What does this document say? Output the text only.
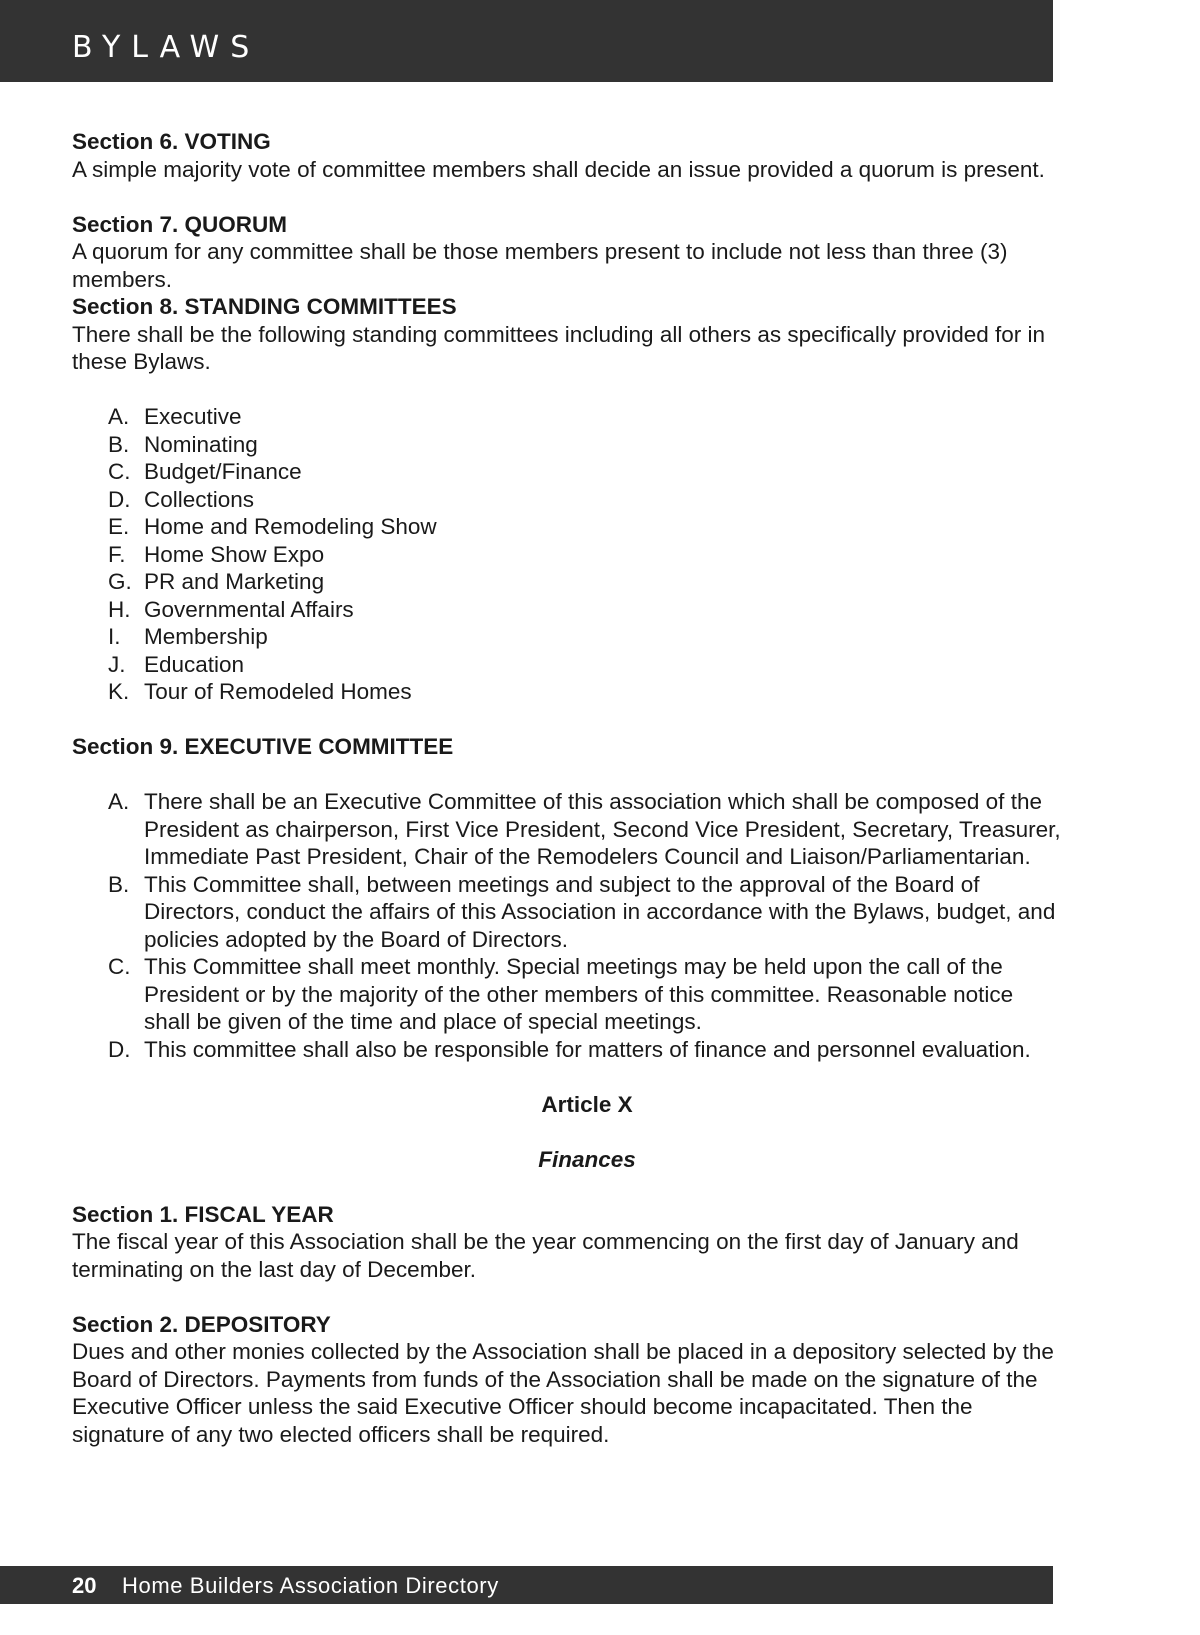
BYLAWS
Section 6. VOTING
A simple majority vote of committee members shall decide an issue provided a quorum is present.
Section 7. QUORUM
A quorum for any committee shall be those members present to include not less than three (3) members.
Section 8. STANDING COMMITTEES
There shall be the following standing committees including all others as specifically provided for in these Bylaws.
A. Executive
B. Nominating
C. Budget/Finance
D. Collections
E. Home and Remodeling Show
F. Home Show Expo
G. PR and Marketing
H. Governmental Affairs
I. Membership
J. Education
K. Tour of Remodeled Homes
Section 9. EXECUTIVE COMMITTEE
A. There shall be an Executive Committee of this association which shall be composed of the President as chairperson, First Vice President, Second Vice President, Secretary, Treasurer, Immediate Past President, Chair of the Remodelers Council and Liaison/Parliamentarian.
B. This Committee shall, between meetings and subject to the approval of the Board of Directors, conduct the affairs of this Association in accordance with the Bylaws, budget, and policies adopted by the Board of Directors.
C. This Committee shall meet monthly. Special meetings may be held upon the call of the President or by the majority of the other members of this committee. Reasonable notice shall be given of the time and place of special meetings.
D. This committee shall also be responsible for matters of finance and personnel evaluation.
Article X
Finances
Section 1. FISCAL YEAR
The fiscal year of this Association shall be the year commencing on the first day of January and terminating on the last day of December.
Section 2. DEPOSITORY
Dues and other monies collected by the Association shall be placed in a depository selected by the Board of Directors. Payments from funds of the Association shall be made on the signature of the Executive Officer unless the said Executive Officer should become incapacitated. Then the signature of any two elected officers shall be required.
20 Home Builders Association Directory
